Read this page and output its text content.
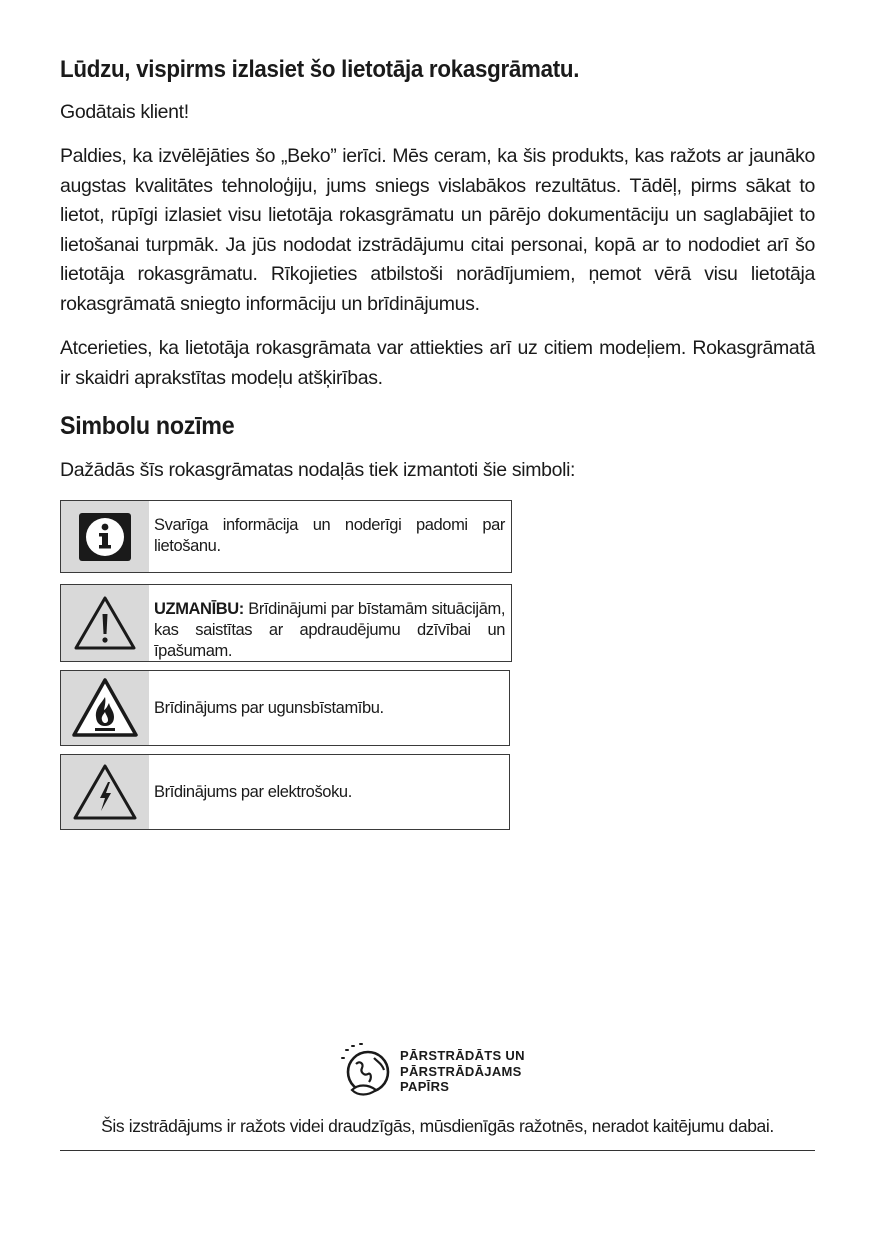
Lūdzu, vispirms izlasiet šo lietotāja rokasgrāmatu.

Godātais klient!

Paldies, ka izvēlējāties šo „Beko” ierīci. Mēs ceram, ka šis produkts, kas ražots ar jaunāko augstas kvalitātes tehnoloģiju, jums sniegs vislabākos rezultātus. Tādēļ, pirms sākat to lietot, rūpīgi izlasiet visu lietotāja rokasgrāmatu un pārējo dokumentāciju un saglabājiet to lietošanai turpmāk. Ja jūs nododat izstrādājumu citai personai, kopā ar to nododiet arī šo lietotāja rokasgrāmatu. Rīkojieties atbilstoši norādījumiem, ņemot vērā visu lietotāja rokasgrāmatā sniegto informāciju un brīdinājumus.

Atcerieties, ka lietotāja rokasgrāmata var attiekties arī uz citiem modeļiem. Rokasgrāmatā ir skaidri aprakstītas modeļu atšķirības.

Simbolu nozīme

Dažādās šīs rokasgrāmatas nodaļās tiek izmantoti šie simboli:

Svarīga informācija un noderīgi padomi par lietošanu.
UZMANĪBU: Brīdinājumi par bīstamām situācijām, kas saistītas ar apdraudējumu dzīvībai un īpašumam.
Brīdinājums par ugunsbīstamību.
Brīdinājums par elektrošoku.
PĀRSTRĀDĀTS UN
PĀRSTRĀDĀJAMS
PAPĪRS
Šis izstrādājums ir ražots videi draudzīgās, mūsdienīgās ražotnēs, neradot kaitējumu dabai.
